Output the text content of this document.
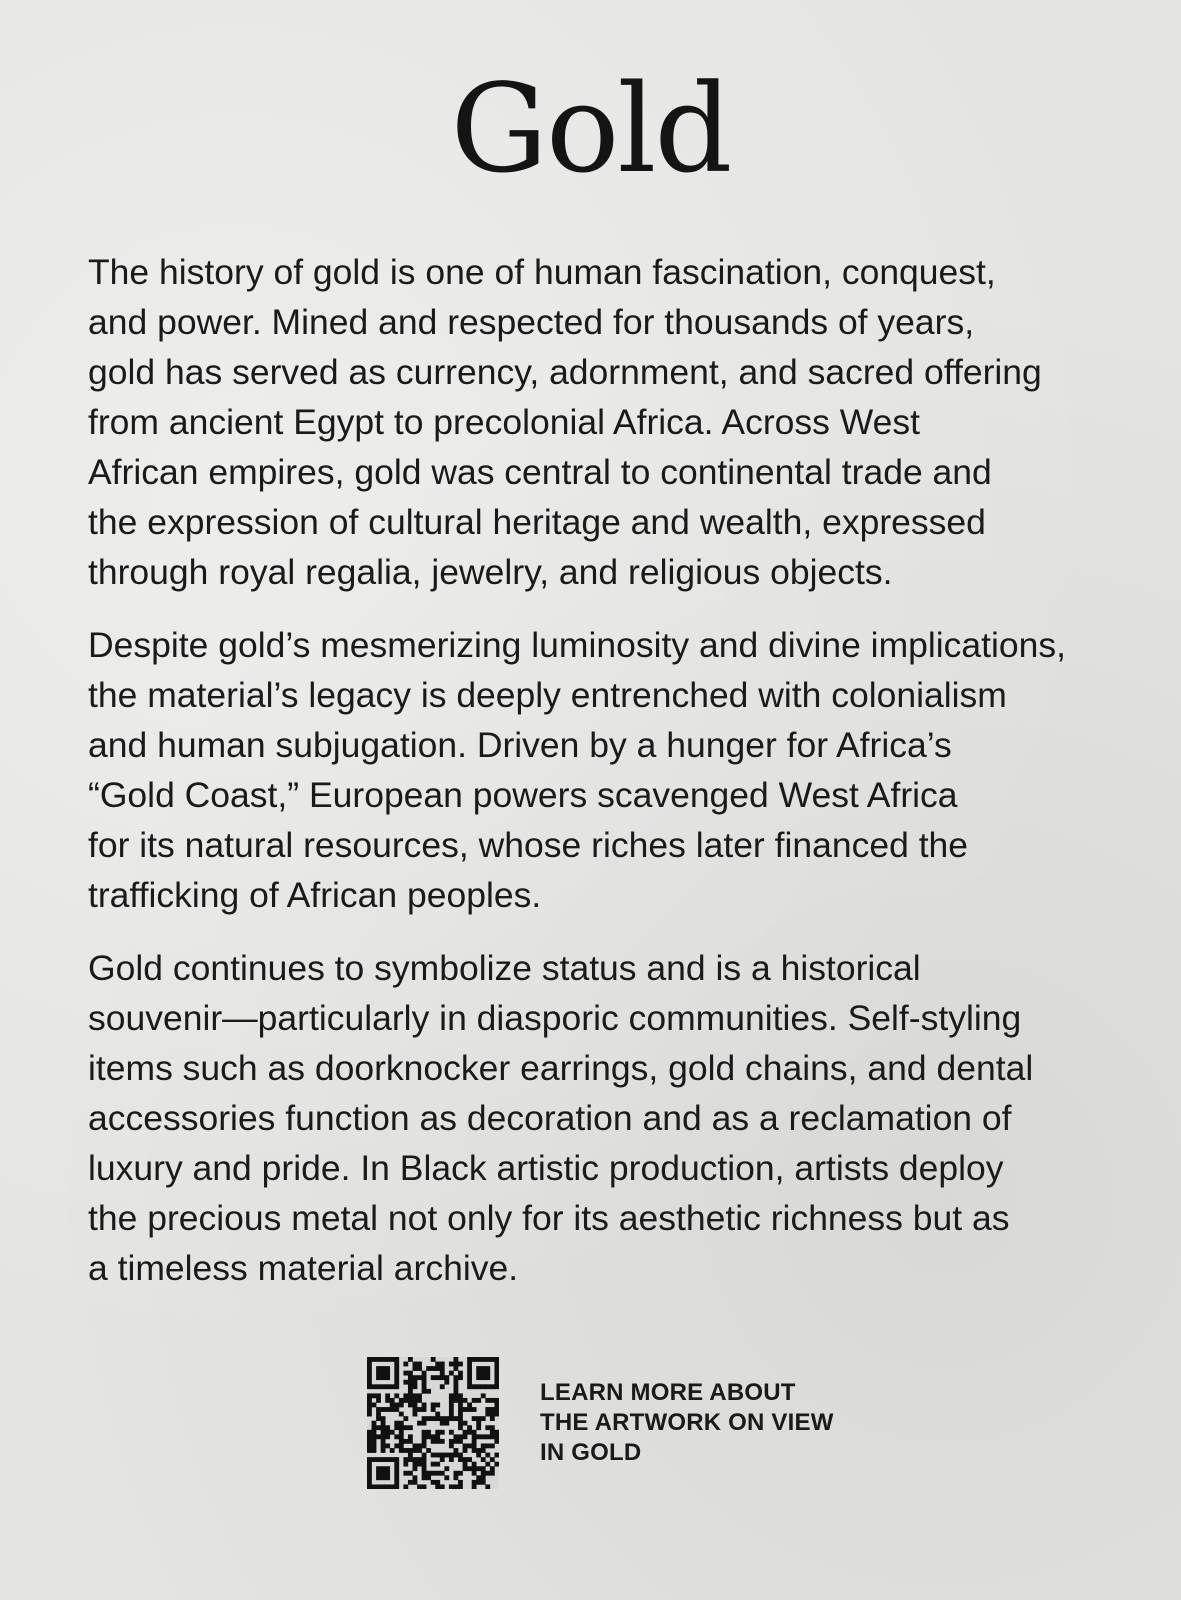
Gold

The history of gold is one of human fascination, conquest,
and power. Mined and respected for thousands of years,
gold has served as currency, adornment, and sacred offering
from ancient Egypt to precolonial Africa. Across West
African empires, gold was central to continental trade and
the expression of cultural heritage and wealth, expressed
through royal regalia, jewelry, and religious objects.

Despite gold’s mesmerizing luminosity and divine implications,
the material’s legacy is deeply entrenched with colonialism
and human subjugation. Driven by a hunger for Africa’s
“Gold Coast,” European powers scavenged West Africa
for its natural resources, whose riches later financed the
trafficking of African peoples.

Gold continues to symbolize status and is a historical
souvenir—particularly in diasporic communities. Self-styling
items such as doorknocker earrings, gold chains, and dental
accessories function as decoration and as a reclamation of
luxury and pride. In Black artistic production, artists deploy
the precious metal not only for its aesthetic richness but as
a timeless material archive.

LEARN MORE ABOUT
THE ARTWORK ON VIEW
IN GOLD
